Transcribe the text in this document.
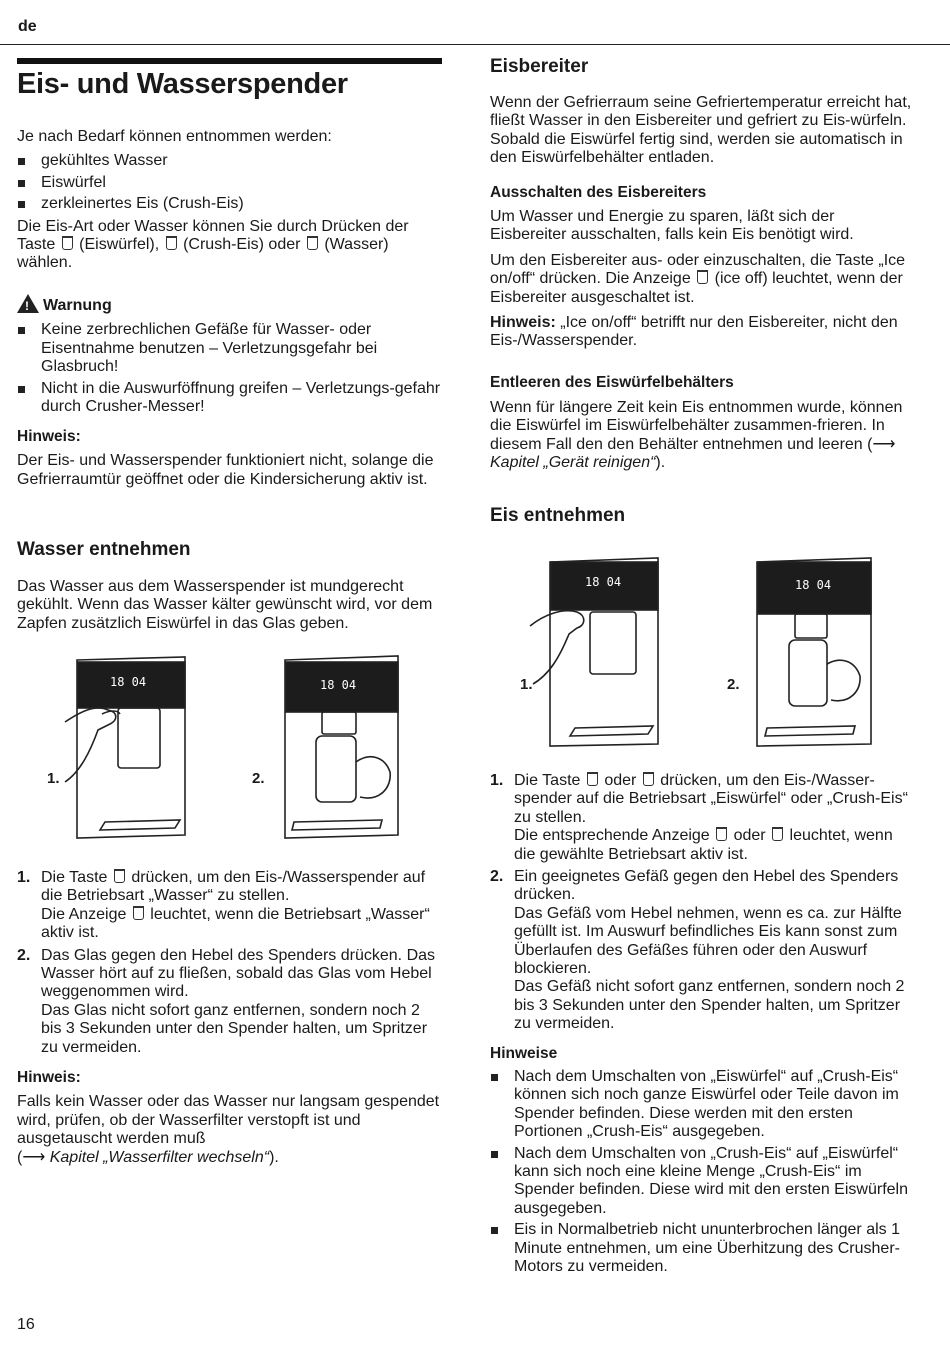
de
Eis- und Wasserspender

Je nach Bedarf können entnommen werden:

gekühltes Wasser
Eiswürfel
zerkleinertes Eis (Crush-Eis)

Die Eis-Art oder Wasser können Sie durch Drücken der Taste (Eiswürfel), (Crush-Eis) oder (Wasser) wählen.

!Warnung
Keine zerbrechlichen Gefäße für Wasser- oder Eisentnahme benutzen – Verletzungsgefahr bei Glasbruch!
Nicht in die Auswurföffnung greifen – Verletzungs-gefahr durch Crusher-Messer!
Hinweis:

Der Eis- und Wasserspender funktioniert nicht, solange die Gefrierraumtür geöffnet oder die Kindersicherung aktiv ist.

Wasser entnehmen
Das Wasser aus dem Wasserspender ist mundgerecht gekühlt. Wenn das Wasser kälter gewünscht wird, vor dem Zapfen zusätzlich Eiswürfel in das Glas geben.
18 04	18 04
1.	2.
1. Die Taste drücken, um den Eis-/Wasserspender auf die Betriebsart „Wasser“ zu stellen.
Die Anzeige leuchtet, wenn die Betriebsart „Wasser“ aktiv ist.
2. Das Glas gegen den Hebel des Spenders drücken. Das Wasser hört auf zu fließen, sobald das Glas vom Hebel weggenommen wird.
Das Glas nicht sofort ganz entfernen, sondern noch 2 bis 3 Sekunden unter den Spender halten, um Spritzer zu vermeiden.
Hinweis:

Falls kein Wasser oder das Wasser nur langsam gespendet wird, prüfen, ob der Wasserfilter verstopft ist und ausgetauscht werden muß
(⟶ Kapitel „Wasserfilter wechseln“).

Eisbereiter
Wenn der Gefrierraum seine Gefriertemperatur erreicht hat, fließt Wasser in den Eisbereiter und gefriert zu Eis-würfeln. Sobald die Eiswürfel fertig sind, werden sie automatisch in den Eiswürfelbehälter entladen.
Ausschalten des Eisbereiters

Um Wasser und Energie zu sparen, läßt sich der Eisbereiter ausschalten, falls kein Eis benötigt wird.

Um den Eisbereiter aus- oder einzuschalten, die Taste „Ice on/off“ drücken. Die Anzeige (ice off) leuchtet, wenn der Eisbereiter ausgeschaltet ist.

Hinweis: „Ice on/off“ betrifft nur den Eisbereiter, nicht den Eis-/Wasserspender.

Entleeren des Eiswürfelbehälters
Wenn für längere Zeit kein Eis entnommen wurde, können die Eiswürfel im Eiswürfelbehälter zusammen-frieren. In diesem Fall den den Behälter entnehmen und leeren (⟶ Kapitel „Gerät reinigen“).
Eis entnehmen
18 04	18 04
1.	2.
1. Die Taste oder drücken, um den Eis-/Wasser-spender auf die Betriebsart „Eiswürfel“ oder „Crush-Eis“ zu stellen.
Die entsprechende Anzeige oder leuchtet, wenn die gewählte Betriebsart aktiv ist.
2. Ein geeignetes Gefäß gegen den Hebel des Spenders drücken.
Das Gefäß vom Hebel nehmen, wenn es ca. zur Hälfte gefüllt ist. Im Auswurf befindliches Eis kann sonst zum Überlaufen des Gefäßes führen oder den Auswurf blockieren.
Das Gefäß nicht sofort ganz entfernen, sondern noch 2 bis 3 Sekunden unter den Spender halten, um Spritzer zu vermeiden.
Hinweise
Nach dem Umschalten von „Eiswürfel“ auf „Crush-Eis“ können sich noch ganze Eiswürfel oder Teile davon im Spender befinden. Diese werden mit den ersten Portionen „Crush-Eis“ ausgegeben.
Nach dem Umschalten von „Crush-Eis“ auf „Eiswürfel“ kann sich noch eine kleine Menge „Crush-Eis“ im Spender befinden. Diese wird mit den ersten Eiswürfeln ausgegeben.
Eis in Normalbetrieb nicht ununterbrochen länger als 1 Minute entnehmen, um eine Überhitzung des Crusher-Motors zu vermeiden.
16
